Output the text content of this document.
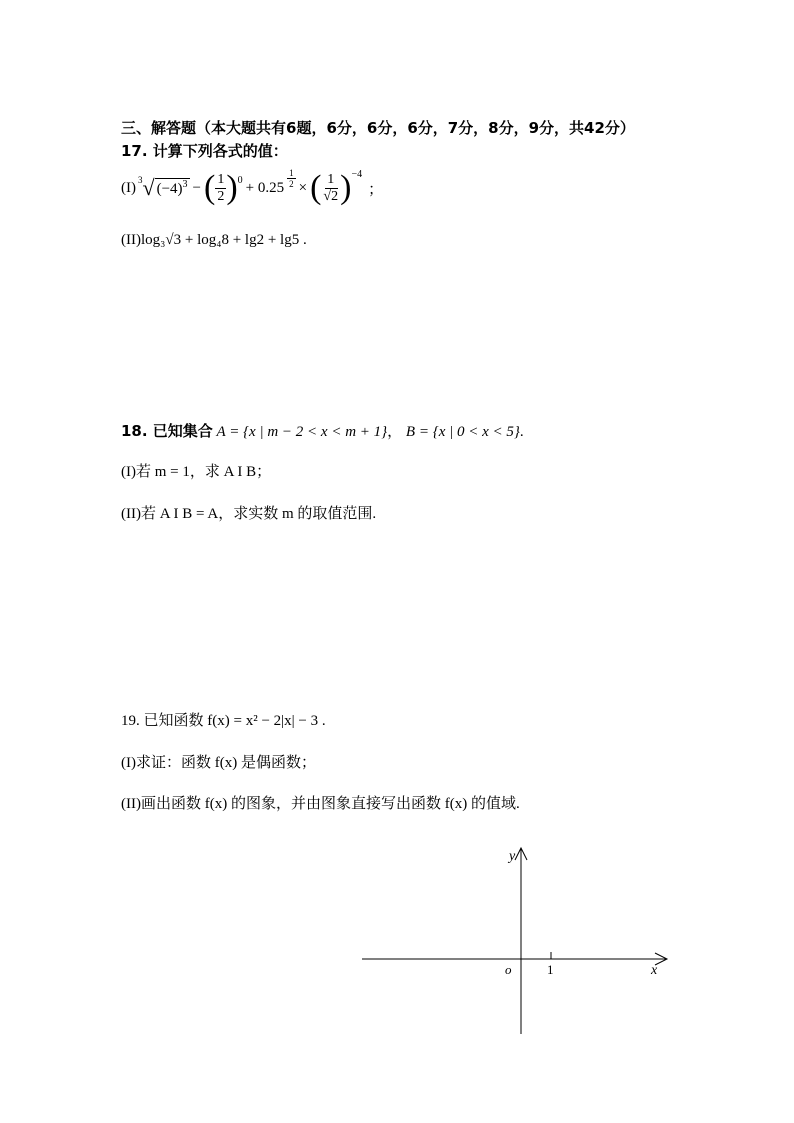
三、解答题（本大题共有6题，6分，6分，6分，7分，8分，9分，共42分）
17. 计算下列各式的值：
(I) 3 √ $(-4)^3$ − ( $\frac{1}{2}$ ) $0 + 0.25 \frac{1}{2}$ × ( $\frac{1}{√2}$ ) −4
；
(II)log₃√3 + log₄8 + lg2 + lg5 .
18. 已知集合 A = {x | m − 2 < x < m + 1}， B = {x | 0 < x < 5}.
(I)若 m = 1，求 A I B；
(II)若 A I B = A，求实数 m 的取值范围.
19. 已知函数 f(x) = x² − 2|x| − 3 .
(I)求证：函数 f(x) 是偶函数；
(II)画出函数 f(x) 的图象，并由图象直接写出函数 f(x) 的值域.
y
x
o	1
